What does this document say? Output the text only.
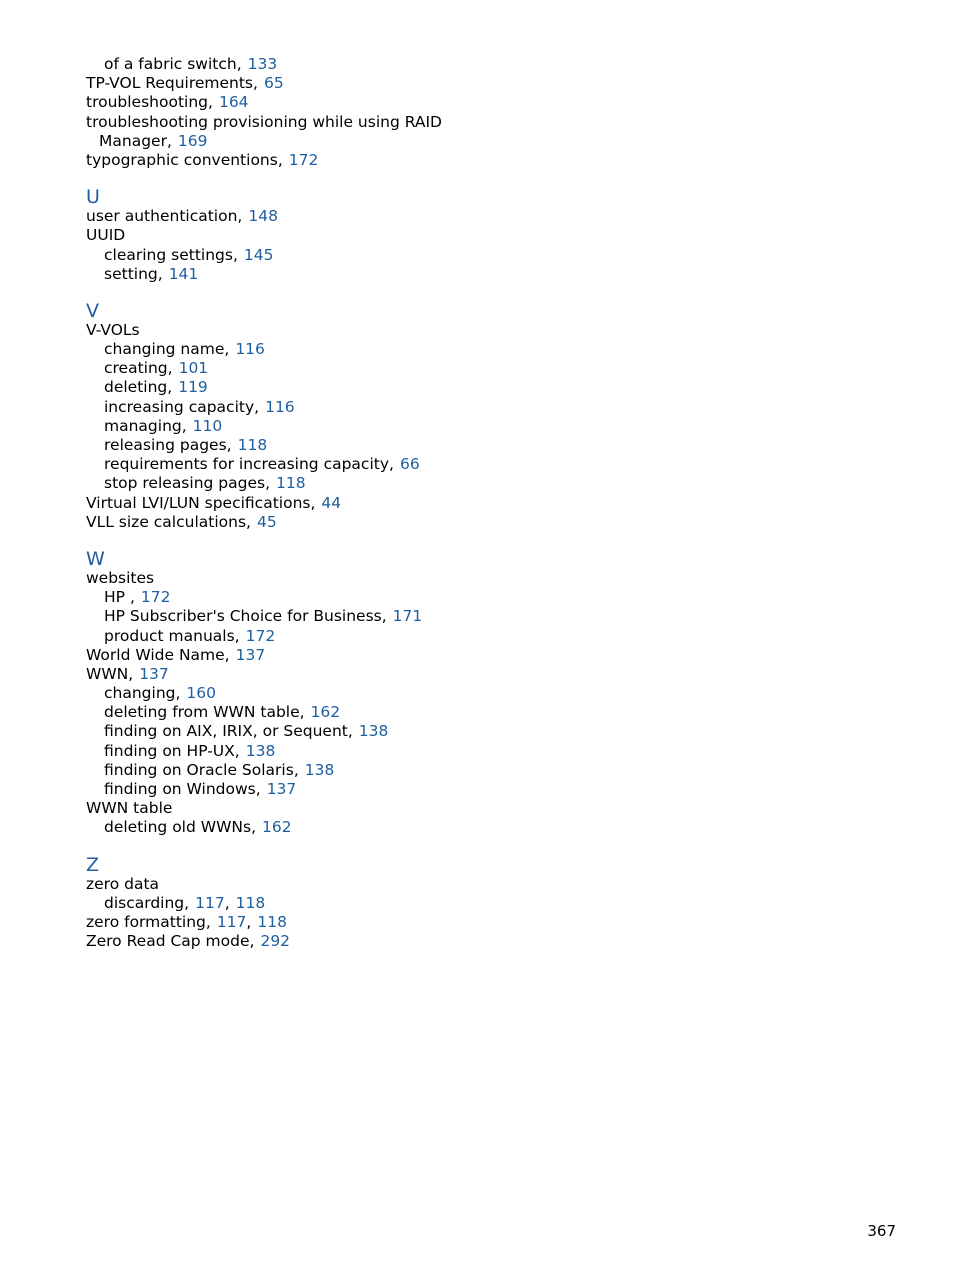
of a fabric switch, 133
TP-VOL Requirements, 65
troubleshooting, 164
troubleshooting provisioning while using RAID Manager, 169
typographic conventions, 172
U
user authentication, 148
UUID
clearing settings, 145
setting, 141
V
V-VOLs
changing name, 116
creating, 101
deleting, 119
increasing capacity, 116
managing, 110
releasing pages, 118
requirements for increasing capacity, 66
stop releasing pages, 118
Virtual LVI/LUN specifications, 44
VLL size calculations, 45
W
websites
HP , 172
HP Subscriber's Choice for Business, 171
product manuals, 172
World Wide Name, 137
WWN, 137
changing, 160
deleting from WWN table, 162
finding on AIX, IRIX, or Sequent, 138
finding on HP-UX, 138
finding on Oracle Solaris, 138
finding on Windows, 137
WWN table
deleting old WWNs, 162
Z
zero data
discarding, 117, 118
zero formatting, 117, 118
Zero Read Cap mode, 292
367
